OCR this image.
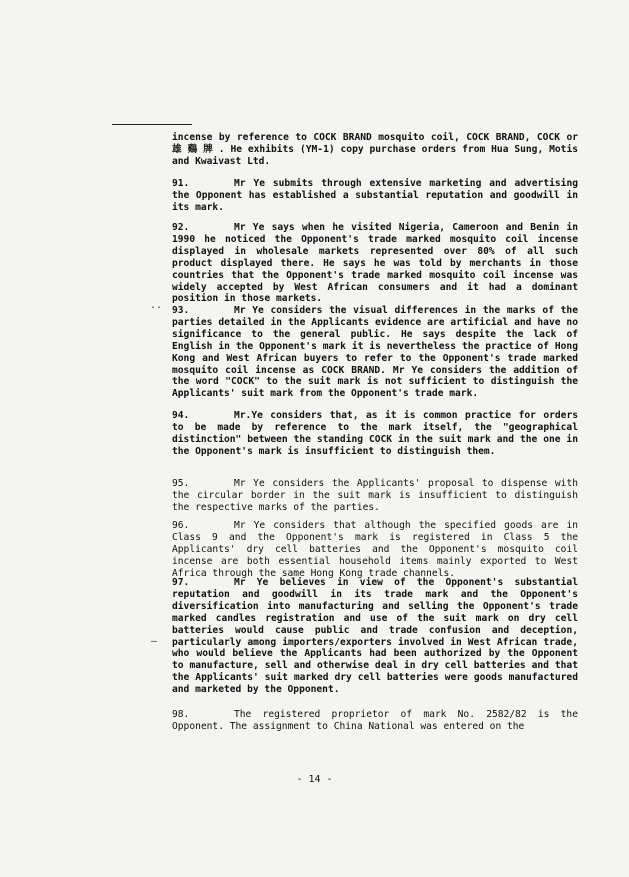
incense by reference to COCK BRAND mosquito coil, COCK BRAND, COCK or 雄 鷄 牌 . He exhibits (YM-1) copy purchase orders from Hua Sung, Motis and Kwaivast Ltd.
91.	Mr Ye submits through extensive marketing and advertising the Opponent has established a substantial reputation and goodwill in its mark.
92.	Mr Ye says when he visited Nigeria, Cameroon and Benin in 1990 he noticed the Opponent's trade marked mosquito coil incense displayed in wholesale markets represented over 80% of all such product displayed there. He says he was told by merchants in those countries that the Opponent's trade marked mosquito coil incense was widely accepted by West African consumers and it had a dominant position in those markets.
93.	Mr Ye considers the visual differences in the marks of the parties detailed in the Applicants evidence are artificial and have no significance to the general public. He says despite the lack of English in the Opponent's mark it is nevertheless the practice of Hong Kong and West African buyers to refer to the Opponent's trade marked mosquito coil incense as COCK BRAND. Mr Ye considers the addition of the word "COCK" to the suit mark is not sufficient to distinguish the Applicants' suit mark from the Opponent's trade mark.
94.	Mr.Ye considers that, as it is common practice for orders to be made by reference to the mark itself, the "geographical distinction" between the standing COCK in the suit mark and the one in the Opponent's mark is insufficient to distinguish them.
95.	Mr Ye considers the Applicants' proposal to dispense with the circular border in the suit mark is insufficient to distinguish the respective marks of the parties.
96.	Mr Ye considers that although the specified goods are in Class 9 and the Opponent's mark is registered in Class 5 the Applicants' dry cell batteries and the Opponent's mosquito coil incense are both essential household items mainly exported to West Africa through the same Hong Kong trade channels.
97.	Mr Ye believes in view of the Opponent's substantial reputation and goodwill in its trade mark and the Opponent's diversification into manufacturing and selling the Opponent's trade marked candles registration and use of the suit mark on dry cell batteries would cause public and trade confusion and deception, particularly among importers/exporters involved in West African trade, who would believe the Applicants had been authorized by the Opponent to manufacture, sell and otherwise deal in dry cell batteries and that the Applicants' suit marked dry cell batteries were goods manufactured and marketed by the Opponent.
98.	The registered proprietor of mark No. 2582/82 is the Opponent. The assignment to China National was entered on the
- 14 -
..
—
